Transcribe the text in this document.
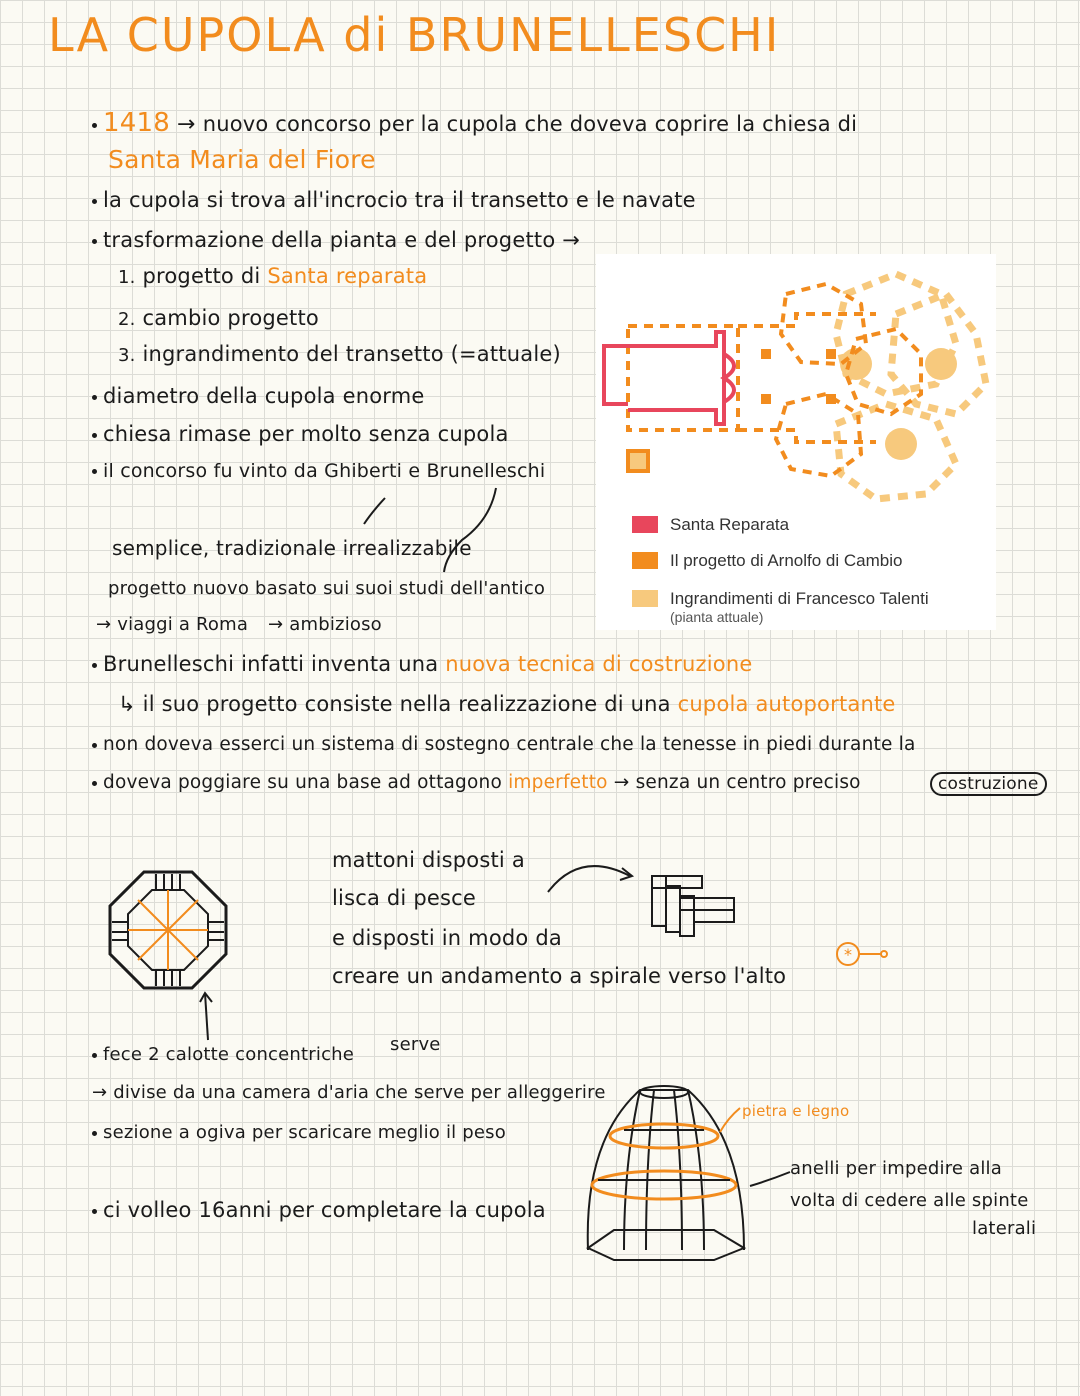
LA CUPOLA di BRUNELLESCHI
1418 → nuovo concorso per la cupola che doveva coprire la chiesa di
Santa Maria del Fiore
la cupola si trova all'incrocio tra il transetto e le navate
trasformazione della pianta e del progetto →
1. progetto di Santa reparata
2. cambio progetto
3. ingrandimento del transetto (=attuale)
diametro della cupola enorme
chiesa rimase per molto senza cupola
il concorso fu vinto da Ghiberti e Brunelleschi
semplice, tradizionale irrealizzabile
progetto nuovo basato sui suoi studi dell'antico
→ viaggi a Roma → ambizioso
Santa Reparata
Il progetto di Arnolfo di Cambio
Ingrandimenti di Francesco Talenti
(pianta attuale)
Brunelleschi infatti inventa una nuova tecnica di costruzione
↳ il suo progetto consiste nella realizzazione di una cupola autoportante
non doveva esserci un sistema di sostegno centrale che la tenesse in piedi durante la
doveva poggiare su una base ad ottagono imperfetto → senza un centro preciso	costruzione
mattoni disposti a
lisca di pesce
e disposti in modo da
creare un andamento a spirale verso l'alto
*
fece 2 calotte concentriche serve
→ divise da una camera d'aria che serve per alleggerire
sezione a ogiva per scaricare meglio il peso
ci volleo 16anni per completare la cupola
pietra e legno
anelli per impedire alla
volta di cedere alle spinte
laterali
